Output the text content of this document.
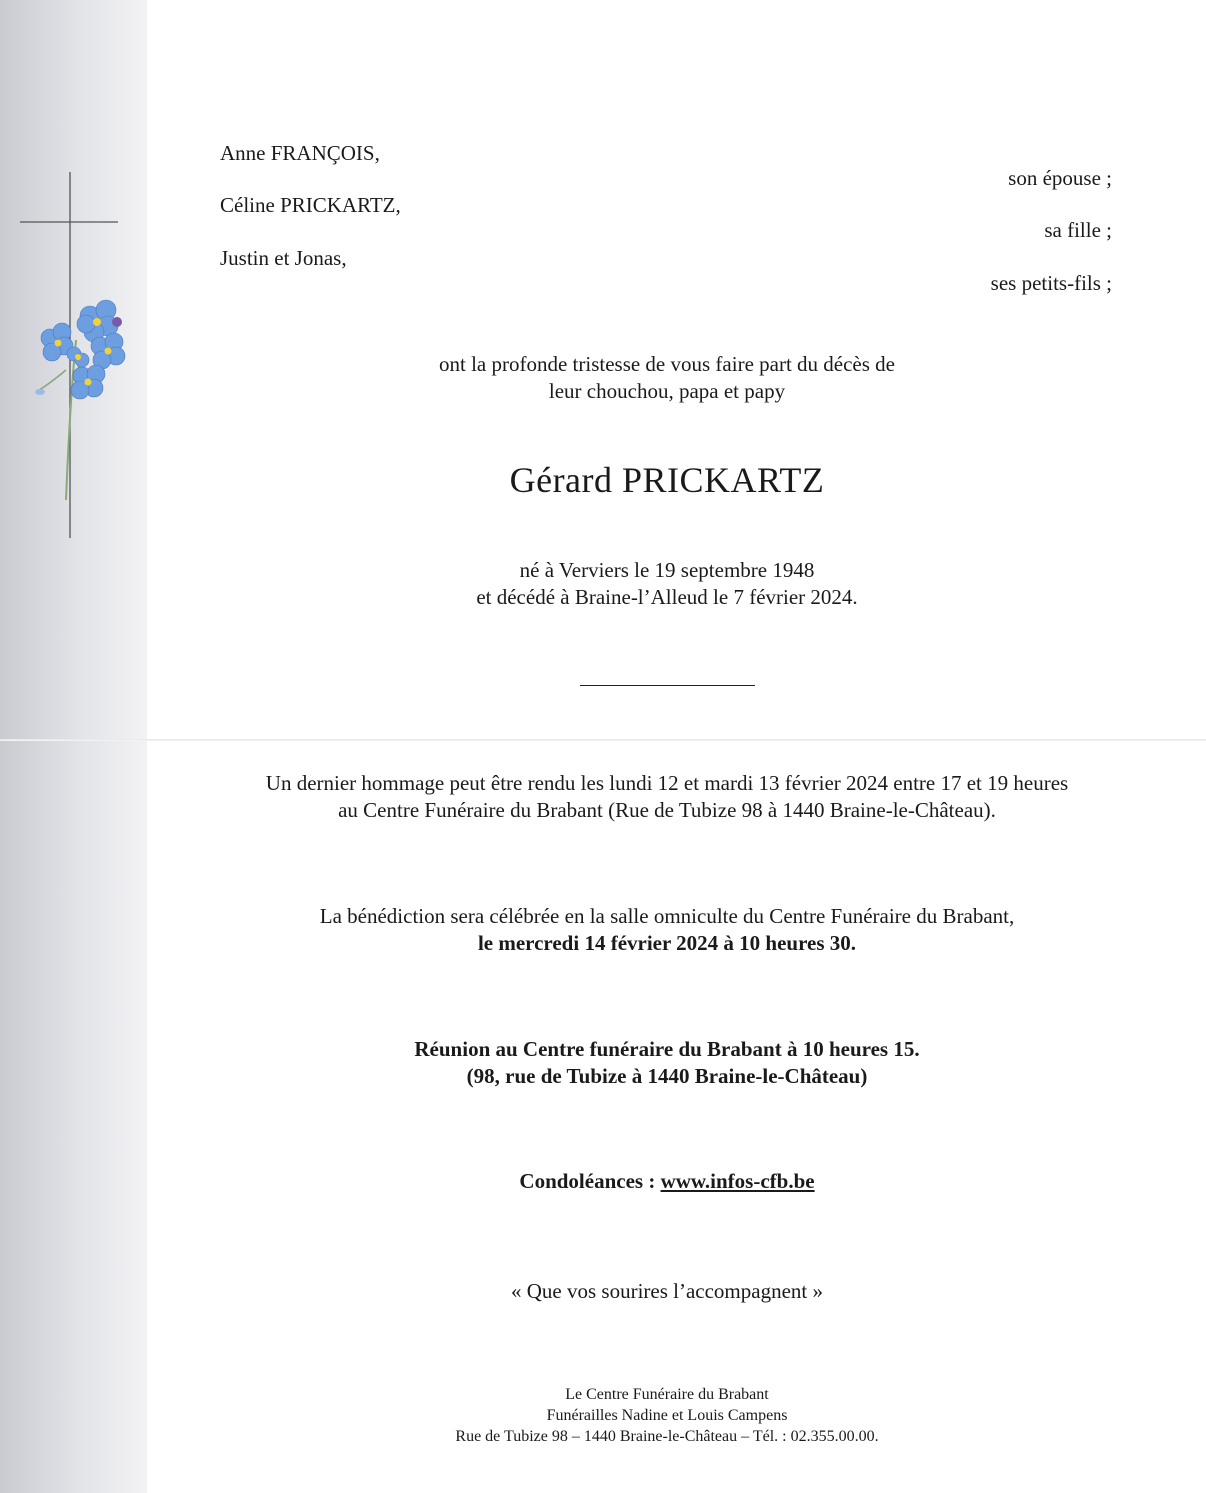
Anne FRANÇOIS,
son épouse ;
Céline PRICKARTZ,
sa fille ;
Justin et Jonas,
ses petits-fils ;
ont la profonde tristesse de vous faire part du décès de
leur chouchou, papa et papy
Gérard PRICKARTZ
né à Verviers le 19 septembre 1948
et décédé à Braine-l’Alleud le 7 février 2024.
Un dernier hommage peut être rendu les lundi 12 et mardi 13 février 2024 entre 17 et 19 heures
au Centre Funéraire du Brabant (Rue de Tubize 98 à 1440 Braine-le-Château).
La bénédiction sera célébrée en la salle omniculte du Centre Funéraire du Brabant,
le mercredi 14 février 2024 à 10 heures 30.
Réunion au Centre funéraire du Brabant à 10 heures 15.
(98, rue de Tubize à 1440 Braine-le-Château)
Condoléances : www.infos-cfb.be
« Que vos sourires l’accompagnent »
Le Centre Funéraire du Brabant
Funérailles Nadine et Louis Campens
Rue de Tubize 98 – 1440 Braine-le-Château – Tél. : 02.355.00.00.
